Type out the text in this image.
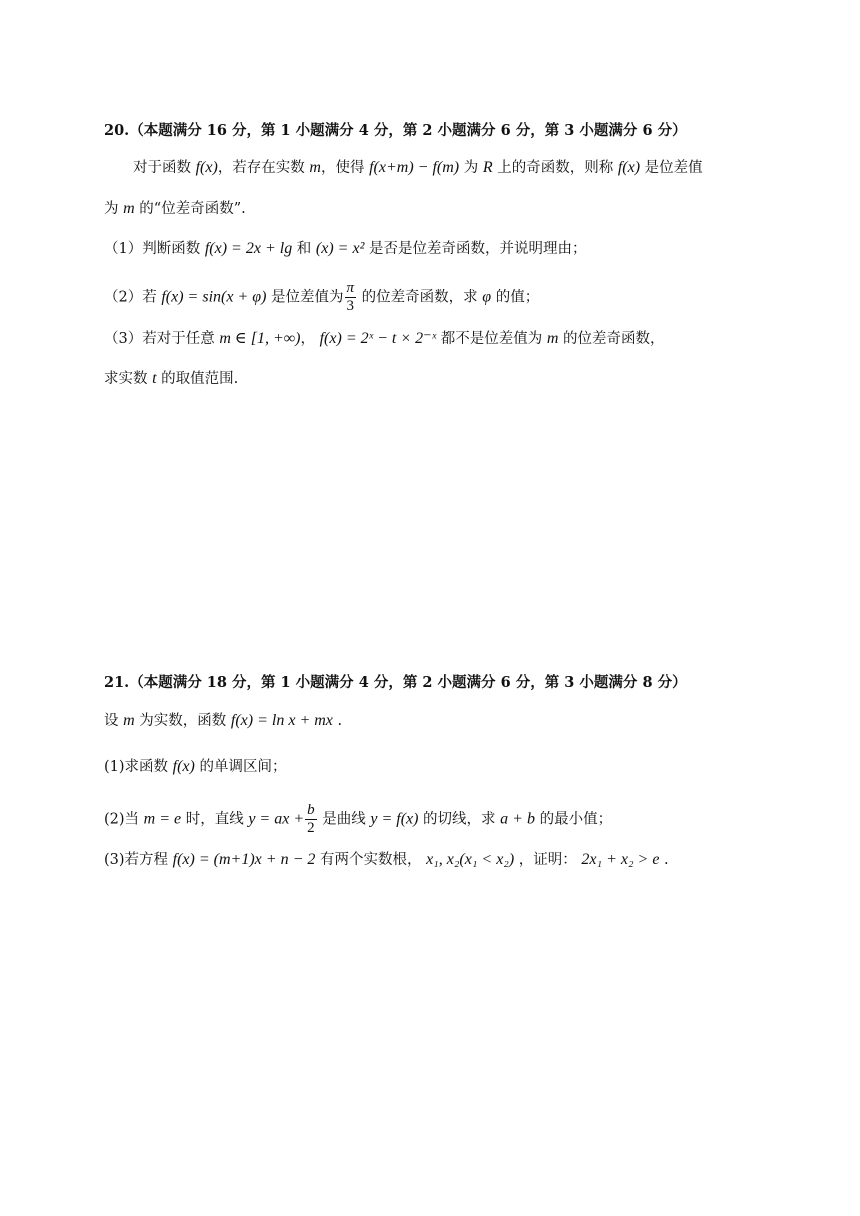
20.（本题满分 16 分，第 1 小题满分 4 分，第 2 小题满分 6 分，第 3 小题满分 6 分）
对于函数 f(x)，若存在实数 m，使得 f(x+m) − f(m) 为 R 上的奇函数，则称 f(x) 是位差值
为 m 的“位差奇函数”.
（1）判断函数 f(x) = 2x + lg 和 (x) = x² 是否是位差奇函数，并说明理由；
（2）若 f(x) = sin(x + φ) 是位差值为 $\frac{\pi}{3}$ 的位差奇函数，求 φ 的值；
（3）若对于任意 m ∈ [1, +∞)， f(x) = 2ˣ − t × 2⁻ˣ 都不是位差值为 m 的位差奇函数，
求实数 t 的取值范围.
21.（本题满分 18 分，第 1 小题满分 4 分，第 2 小题满分 6 分，第 3 小题满分 8 分）
设 m 为实数，函数 f(x) = ln x + mx .
(1)求函数 f(x) 的单调区间；
(2)当 m = e 时，直线 y = ax + $\frac{b}{2}$ 是曲线 y = f(x) 的切线，求 a + b 的最小值；
(3)若方程 f(x) = (m+1)x + n − 2 有两个实数根， x₁, x₂(x₁ < x₂) ，证明： 2x₁ + x₂ > e .
